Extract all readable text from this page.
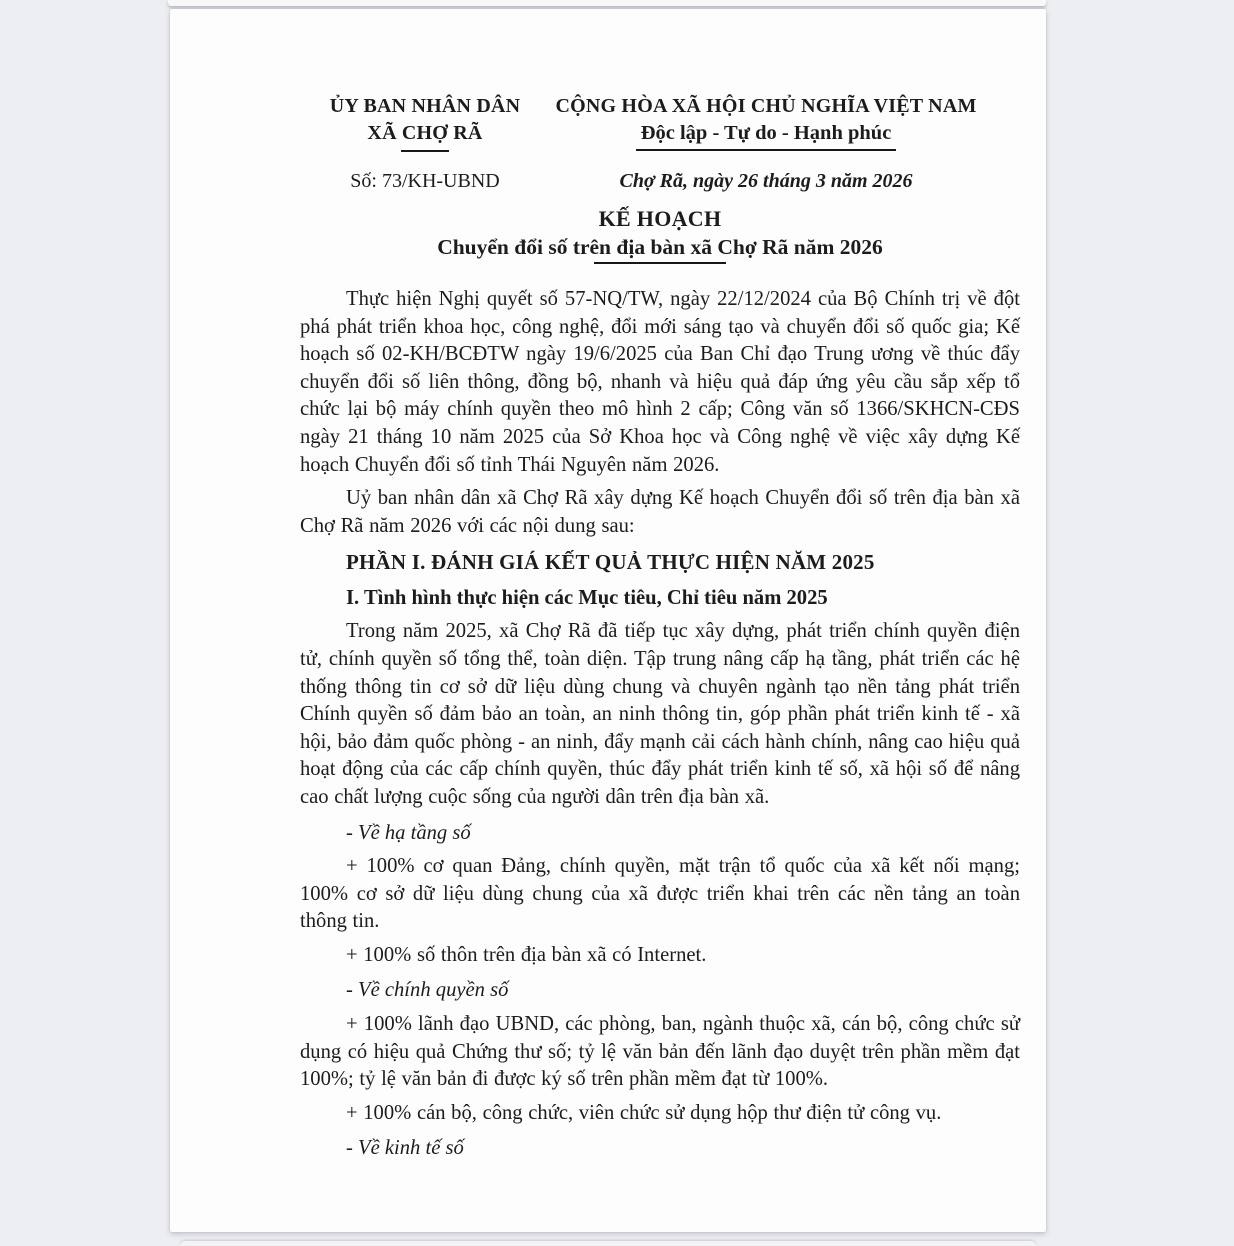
ỦY BAN NHÂN DÂN
XÃ CHỢ RÃ
Số: 73/KH-UBND
CỘNG HÒA XÃ HỘI CHỦ NGHĨA VIỆT NAM
Độc lập - Tự do - Hạnh phúc
Chợ Rã, ngày 26 tháng 3 năm 2026
KẾ HOẠCH
Chuyển đổi số trên địa bàn xã Chợ Rã năm 2026

Thực hiện Nghị quyết số 57-NQ/TW, ngày 22/12/2024 của Bộ Chính trị về đột phá phát triển khoa học, công nghệ, đổi mới sáng tạo và chuyển đổi số quốc gia; Kế hoạch số 02-KH/BCĐTW ngày 19/6/2025 của Ban Chỉ đạo Trung ương về thúc đẩy chuyển đổi số liên thông, đồng bộ, nhanh và hiệu quả đáp ứng yêu cầu sắp xếp tổ chức lại bộ máy chính quyền theo mô hình 2 cấp; Công văn số 1366/SKHCN-CĐS ngày 21 tháng 10 năm 2025 của Sở Khoa học và Công nghệ về việc xây dựng Kế hoạch Chuyển đổi số tỉnh Thái Nguyên năm 2026.

Uỷ ban nhân dân xã Chợ Rã xây dựng Kế hoạch Chuyển đổi số trên địa bàn xã Chợ Rã năm 2026 với các nội dung sau:

PHẦN I. ĐÁNH GIÁ KẾT QUẢ THỰC HIỆN NĂM 2025

I. Tình hình thực hiện các Mục tiêu, Chỉ tiêu năm 2025

Trong năm 2025, xã Chợ Rã đã tiếp tục xây dựng, phát triển chính quyền điện tử, chính quyền số tổng thể, toàn diện. Tập trung nâng cấp hạ tầng, phát triển các hệ thống thông tin cơ sở dữ liệu dùng chung và chuyên ngành tạo nền tảng phát triển Chính quyền số đảm bảo an toàn, an ninh thông tin, góp phần phát triển kinh tế - xã hội, bảo đảm quốc phòng - an ninh, đẩy mạnh cải cách hành chính, nâng cao hiệu quả hoạt động của các cấp chính quyền, thúc đẩy phát triển kinh tế số, xã hội số để nâng cao chất lượng cuộc sống của người dân trên địa bàn xã.

- Về hạ tầng số

+ 100% cơ quan Đảng, chính quyền, mặt trận tổ quốc của xã kết nối mạng; 100% cơ sở dữ liệu dùng chung của xã được triển khai trên các nền tảng an toàn thông tin.

+ 100% số thôn trên địa bàn xã có Internet.

- Về chính quyền số

+ 100% lãnh đạo UBND, các phòng, ban, ngành thuộc xã, cán bộ, công chức sử dụng có hiệu quả Chứng thư số; tỷ lệ văn bản đến lãnh đạo duyệt trên phần mềm đạt 100%; tỷ lệ văn bản đi được ký số trên phần mềm đạt từ 100%.

+ 100% cán bộ, công chức, viên chức sử dụng hộp thư điện tử công vụ.

- Về kinh tế số
